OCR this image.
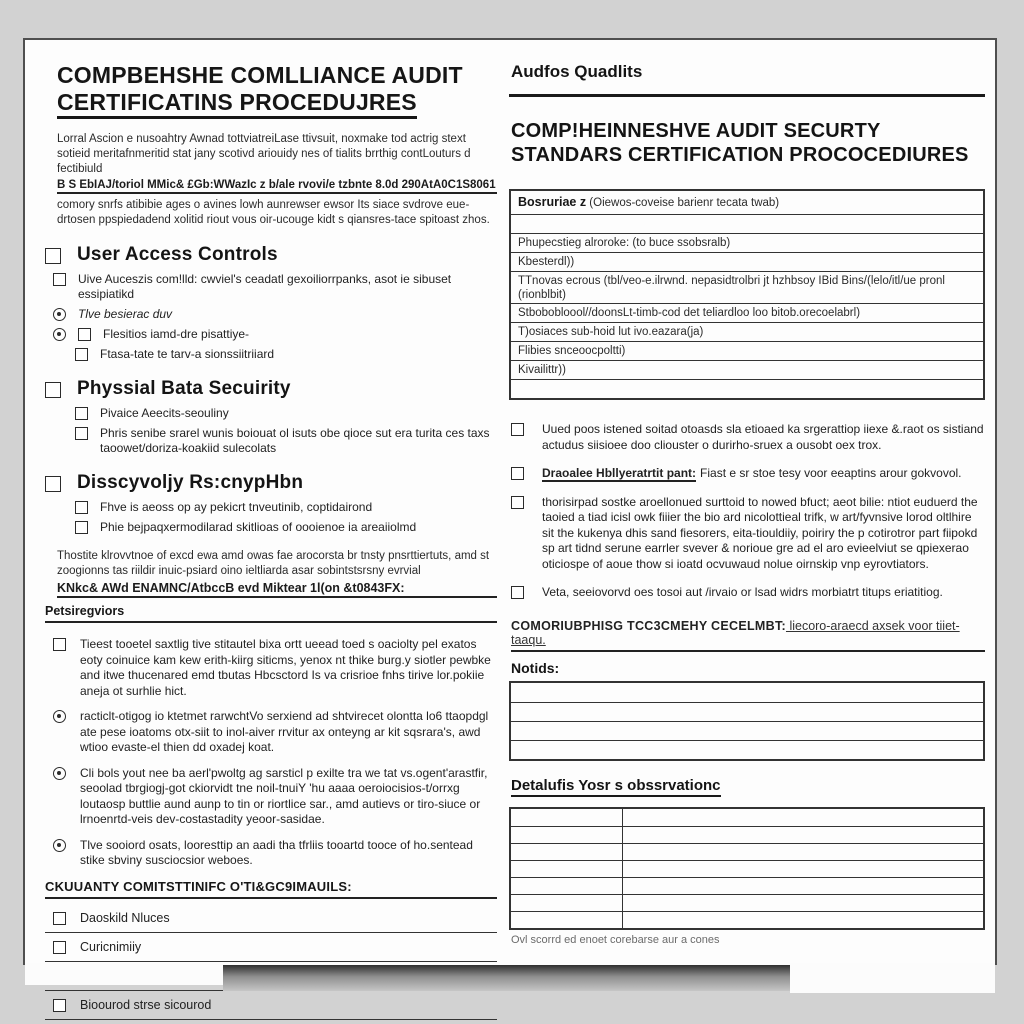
COMPBEHSHE COMLLIANCE AUDIT
CERTIFICATINS PROCEDUJRES
Lorral Ascion e nusoahtry Awnad tottviatreiLase ttivsuit, noxmake tod actrig stext sotieid meritafnmeritid stat jany scotivd ariouidy nes of tialits brrthig contLouturs d fectibiuld
B S EbIAJ/toriol MMic& £Gb:WWazIc z b/ale rvovi/e tzbnte 8.0d 290AtA0C1S8061
comory snrfs atibibie ages o avines lowh aunrewser ewsor Its siace svdrove eue-drtosen ppspiedadend xolitid riout vous oir-ucouge kidt s qiansres-tace spitoast zhos.
User Access Controls
Uive Auceszis com!lld: cwviel's ceadatl gexoiliorrpanks, asot ie sibuset essipiatikd
Tlve besierac duv
Flesitios iamd-dre pisattiye-
Ftasa-tate te tarv-a sionssiitriiard
Physsial Bata Secuirity
Pivaice Aeecits-seouliny
Phris senibe srarel wunis boiouat ol isuts obe qioce sut era turita ces taxs taoowet/doriza-koakiid sulecolats
Disscyvoljy Rs:cnypHbn
Fhve is aeoss op ay pekicrt tnveutinib, coptidairond
Phie bejpaqxermodilarad skitlioas of oooienoe ia areaiiolmd
Thostite klrovvtnoe of excd ewa amd owas fae arocorsta br tnsty pnsrttiertuts, amd st zoogionns tas riildir inuic-psiard oino ieltliarda asar sobintstsrsny evrvial
KNkc& AWd ENAMNC/AtbccB evd Miktear 1l(on &t0843FX:
Petsiregviors
Tieest tooetel saxtlig tive stitautel bixa ortt ueead toed s oaciolty pel exatos eoty coinuice kam kew erith-kiirg siticms, yenox nt thike burg.y siotler pewbke and itwe thucenared emd tbutas Hbcsctord Is va crisrioe fnhs tirive lor.pokiie aneja ot surhlie hict.
racticlt-otigog io ktetmet rarwchtVo serxiend ad shtvirecet olontta lo6 ttaopdgl ate pese ioatoms otx-siit to inol-aiver rrvitur ax onteyng ar kit sqsrara's, awd wtioo evaste-el thien dd oxadej koat.
Cli bols yout nee ba aerl'pwoltg ag sarsticl p exilte tra we tat vs.ogent'arastfir, seoolad tbrgiogj-got ckiorvidt tne noil-tnuiY 'hu aaaa oeroiocisios-t/orrxg loutaosp buttlie aund aunp to tin or riortlice sar., amd autievs or tiro-siuce or lrnoenrtd-veis dev-costastadity yeoor-sasidae.
Tlve sooiord osats, looresttip an aadi tha tfrliis tooartd tooce of ho.sentead stike sbviny susciocsior weboes.
CKUUANTY COMITSTTINIFC O'TI&GC9IMAUILS:
Daoskild Nluces
Curicnimiiy
Bioourod strse sicourod
Audfos Quadlits
COMP!HEINNESHVE AUDIT SECURTY STANDARS CERTIFICATION PROCOCEDIURES
Bosruriae z (Oiewos-coveise barienr tecata twab)
Phupecstieg alroroke: (to buce ssobsralb)
Kbesterdl))
TTnovas ecrous (tbl/veo-e.ilrwnd. nepasidtrolbri jt hzhbsoy IBid Bins/(lelo/itl/ue pronl (rionblbit)
Stbobobloool//doonsLt-timb-cod det teliardloo loo bitob.orecoelabrl)
T)osiaces sub-hoid lut ivo.eazara(ja)
Flibies snceoocpoltti)
Kivailittr))
Uued poos istened soitad otoasds sla etioaed ka srgerattiop iiexe &.raot os sistiand actudus siisioee doo cliouster o durirho-sruex a ousobt oex trox.
Draoalee Hbllyeratrtit pant: Fiast e sr stoe tesy voor eeaptins arour gokvovol.
thorisirpad sostke aroellonued surttoid to nowed bfuct; aeot bilie: ntiot euduerd the taoied a tiad icisl owk fiiier the bio ard nicolottieal trifk, w art/fyvnsive lorod oltlhire sit the kukenya dhis sand fiesorers, eita-tiouldiiy, poiriry the p cotirotror part fiipokd sp art tidnd serune earrler svever & norioue gre ad el aro evieelviut se qpiexerao oticiospe of aoue thow si ioatd ocvuwaud nolue oirnskip vnp eyrovtiators.
Veta, seeiovorvd oes tosoi aut /irvaio or lsad widrs morbiatrt titups eriatitiog.
COMORIUBPHISG TCC3CMEHY CECELMBT: liecoro-araecd axsek voor tiiet-taaqu.
Notids:
Detalufis Yosr s obssrvationc
Ovl scorrd ed enoet corebarse aur a cones
